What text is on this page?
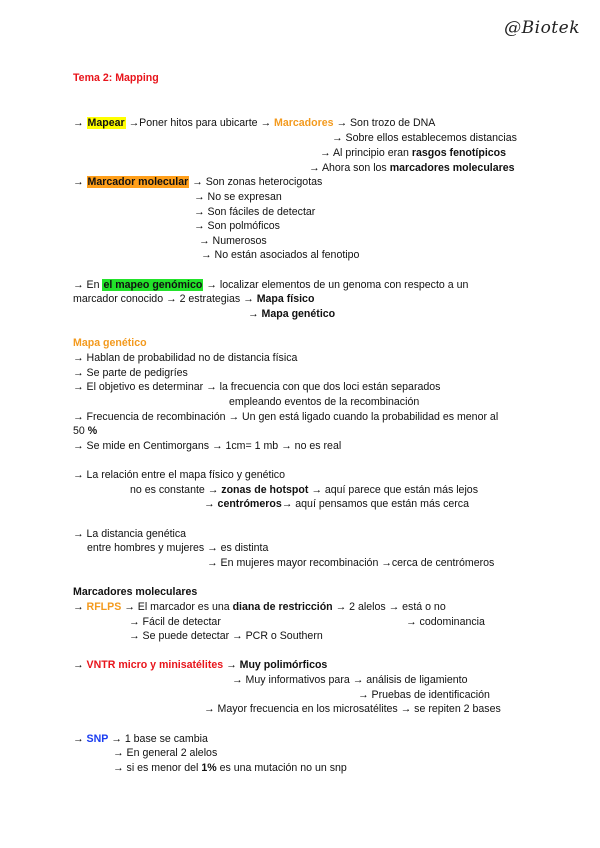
@Biotek
Tema 2: Mapping
→ Mapear →Poner hitos para ubicarte → Marcadores → Son trozo de DNA
→ Sobre ellos establecemos distancias
→ Al principio eran rasgos fenotípicos
→ Ahora son los marcadores moleculares
→ Marcador molecular → Son zonas heterocigotas
→ No se expresan
→ Son fáciles de detectar
→ Son polmóficos
→ Numerosos
→ No están asociados al fenotipo
→ En el mapeo genómico → localizar elementos de un genoma con respecto a un
marcador conocido → 2 estrategias → Mapa físico
→ Mapa genético
Mapa genético
→ Hablan de probabilidad no de distancia física
→ Se parte de pedigríes
→ El objetivo es determinar → la frecuencia con que dos loci están separados
empleando eventos de la recombinación
→ Frecuencia de recombinación → Un gen está ligado cuando la probabilidad es menor al
50 %
→ Se mide en Centimorgans → 1cm= 1 mb → no es real
→ La relación entre el mapa físico y genético
no es constante → zonas de hotspot → aquí parece que están más lejos
→ centrómeros→ aquí pensamos que están más cerca
→ La distancia genética
entre hombres y mujeres → es distinta
→ En mujeres mayor recombinación →cerca de centrómeros
Marcadores moleculares
→ RFLPS → El marcador es una diana de restricción → 2 alelos → está o no
→ Fácil de detectar	→ codominancia
→ Se puede detectar → PCR o Southern
→ VNTR micro y minisatélites → Muy polimórficos
→ Muy informativos para → análisis de ligamiento
→ Pruebas de identificación
→ Mayor frecuencia en los microsatélites → se repiten 2 bases
→ SNP → 1 base se cambia
→ En general 2 alelos
→ si es menor del 1% es una mutación no un snp
